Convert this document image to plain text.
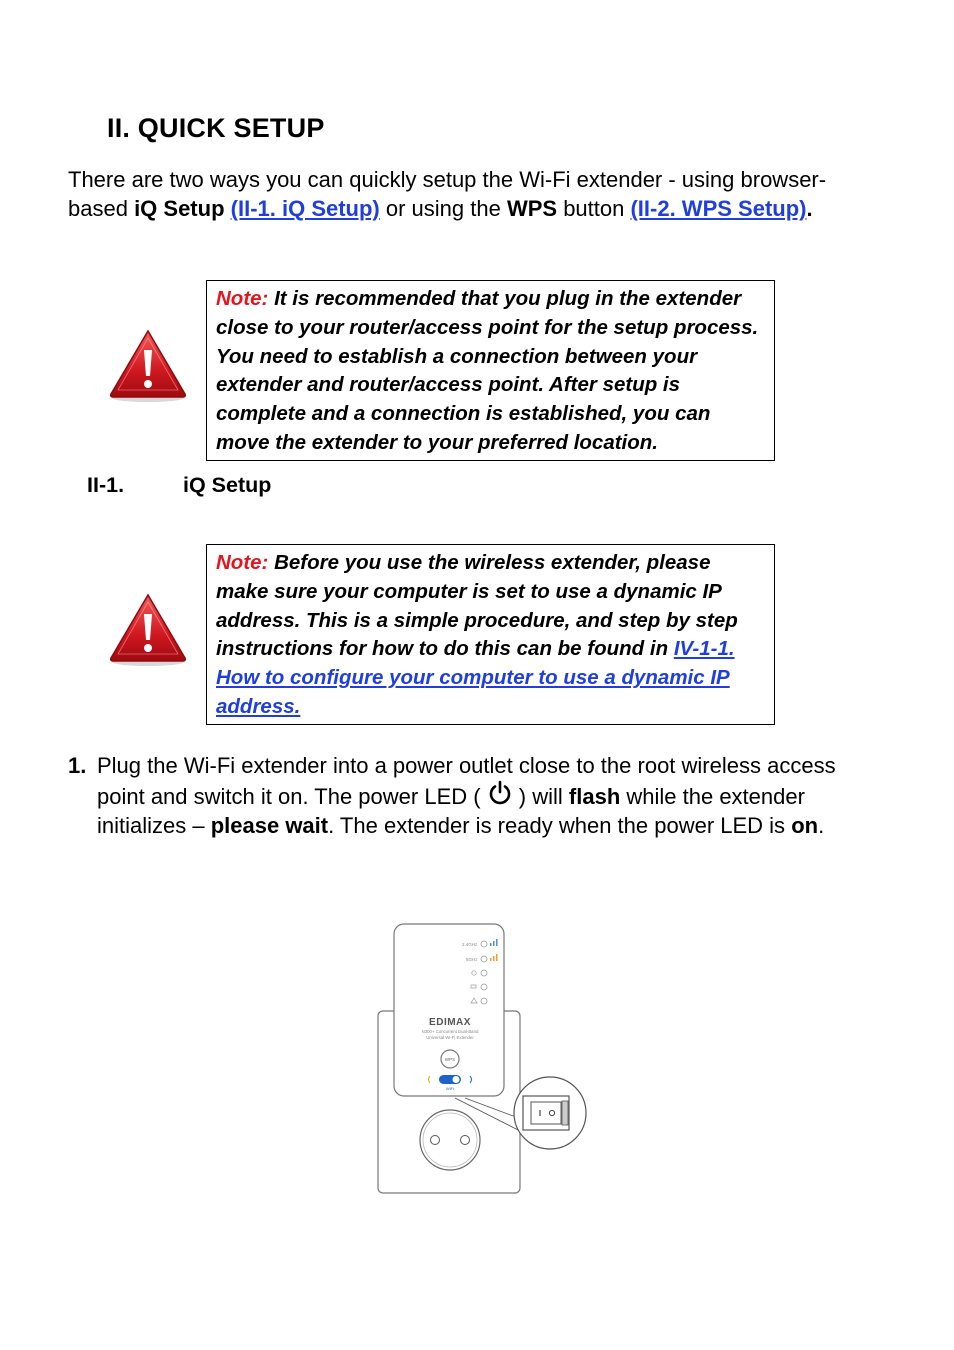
II. QUICK SETUP
There are two ways you can quickly setup the Wi-Fi extender - using browser-based iQ Setup (II-1. iQ Setup) or using the WPS button (II-2. WPS Setup).
Note: It is recommended that you plug in the extender close to your router/access point for the setup process. You need to establish a connection between your extender and router/access point. After setup is complete and a connection is established, you can move the extender to your preferred location.
II-1.	iQ Setup
Note: Before you use the wireless extender, please make sure your computer is set to use a dynamic IP address. This is a simple procedure, and step by step instructions for how to do this can be found in IV-1-1. How to configure your computer to use a dynamic IP address.
1. Plug the Wi-Fi extender into a power outlet close to the root wireless access point and switch it on. The power LED (  ) will flash while the extender initializes – please wait. The extender is ready when the power LED is on.
2.4GHz
5GHz
EDIMAX
N300+ Concurrent Dual-Band
Universal Wi-Fi Extender
WPS
WiFi
